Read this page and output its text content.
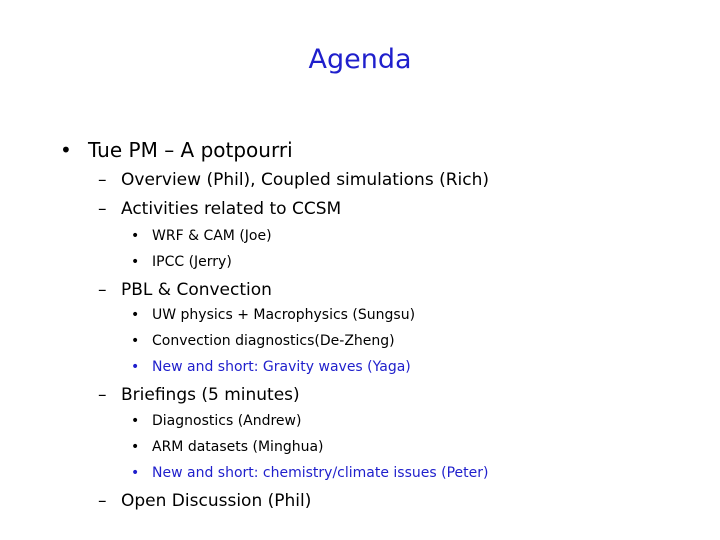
Agenda
• Tue PM – A potpourri
– Overview (Phil), Coupled simulations (Rich)
– Activities related to CCSM
• WRF & CAM (Joe)
• IPCC (Jerry)
– PBL & Convection
• UW physics + Macrophysics (Sungsu)
• Convection diagnostics(De-Zheng)
• New and short: Gravity waves (Yaga)
– Briefings (5 minutes)
• Diagnostics (Andrew)
• ARM datasets (Minghua)
• New and short: chemistry/climate issues (Peter)
– Open Discussion (Phil)
